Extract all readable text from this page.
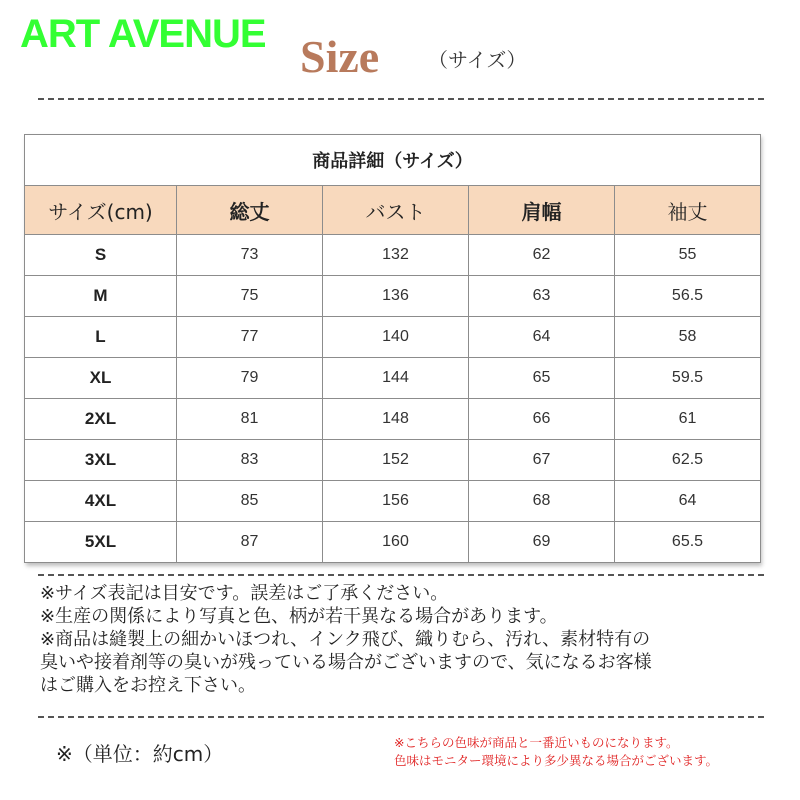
ART AVENUE Size （サイズ）
商品詳細（サイズ）				
サイズ(cm)	総丈	バスト	肩幅	袖丈
S	73	132	62	55
M	75	136	63	56.5
L	77	140	64	58
XL	79	144	65	59.5
2XL	81	148	66	61
3XL	83	152	67	62.5
4XL	85	156	68	64
5XL	87	160	69	65.5
※サイズ表記は目安です。誤差はご了承ください。
※生産の関係により写真と色、柄が若干異なる場合があります。
※商品は縫製上の細かいほつれ、インク飛び、織りむら、汚れ、素材特有の
臭いや接着剤等の臭いが残っている場合がございますので、気になるお客様
はご購入をお控え下さい。
※（単位：約cm）	※こちらの色味が商品と一番近いものになります。
色味はモニター環境により多少異なる場合がございます。
